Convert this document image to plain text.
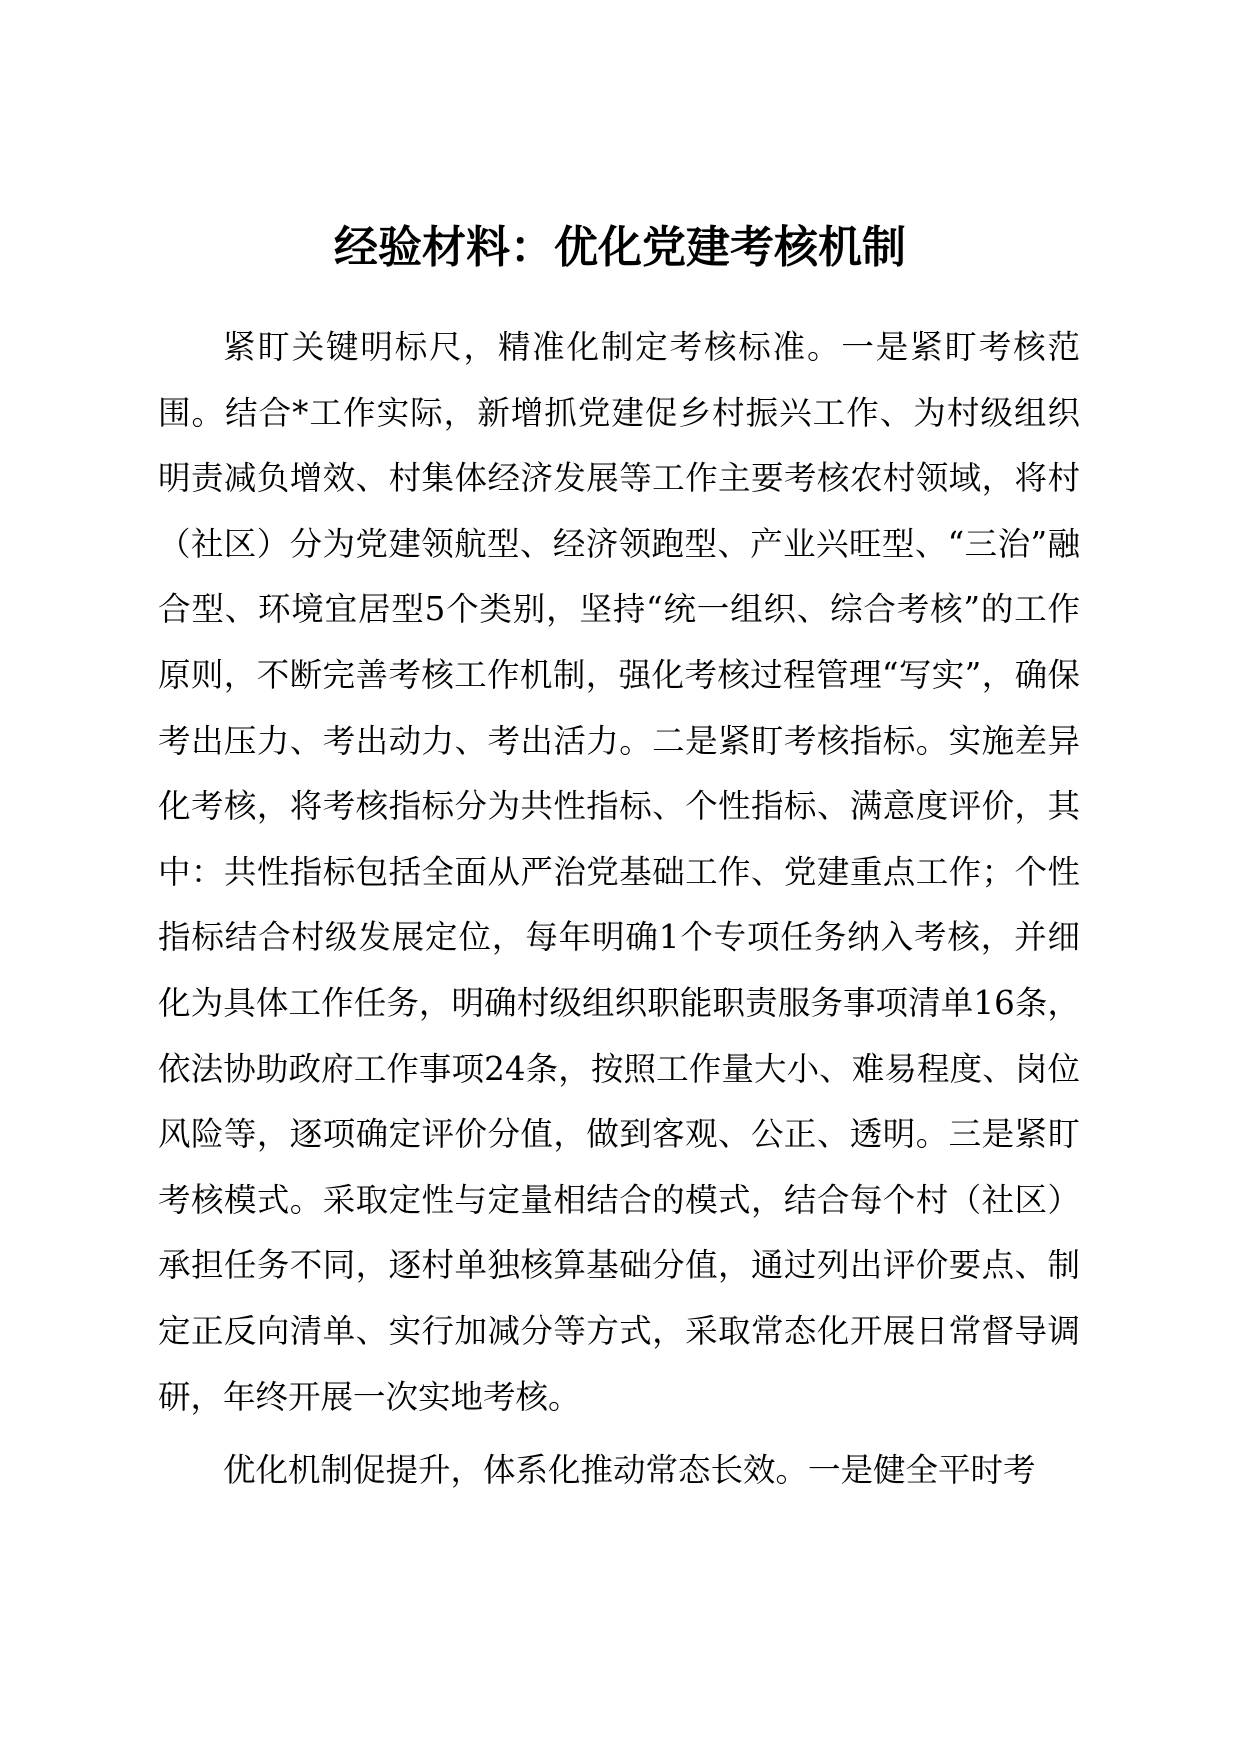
经验材料：优化党建考核机制

紧盯关键明标尺，精准化制定考核标准。一是紧盯考核范围。结合*工作实际，新增抓党建促乡村振兴工作、为村级组织明责减负增效、村集体经济发展等工作主要考核农村领域，将村（社区）分为党建领航型、经济领跑型、产业兴旺型、“三治”融合型、环境宜居型5个类别，坚持“统一组织、综合考核”的工作原则，不断完善考核工作机制，强化考核过程管理“写实”，确保考出压力、考出动力、考出活力。二是紧盯考核指标。实施差异化考核，将考核指标分为共性指标、个性指标、满意度评价，其中：共性指标包括全面从严治党基础工作、党建重点工作；个性指标结合村级发展定位，每年明确1个专项任务纳入考核，并细化为具体工作任务，明确村级组织职能职责服务事项清单16条，依法协助政府工作事项24条，按照工作量大小、难易程度、岗位风险等，逐项确定评价分值，做到客观、公正、透明。三是紧盯考核模式。采取定性与定量相结合的模式，结合每个村（社区）承担任务不同，逐村单独核算基础分值，通过列出评价要点、制定正反向清单、实行加减分等方式，采取常态化开展日常督导调研，年终开展一次实地考核。

优化机制促提升，体系化推动常态长效。一是健全平时考
